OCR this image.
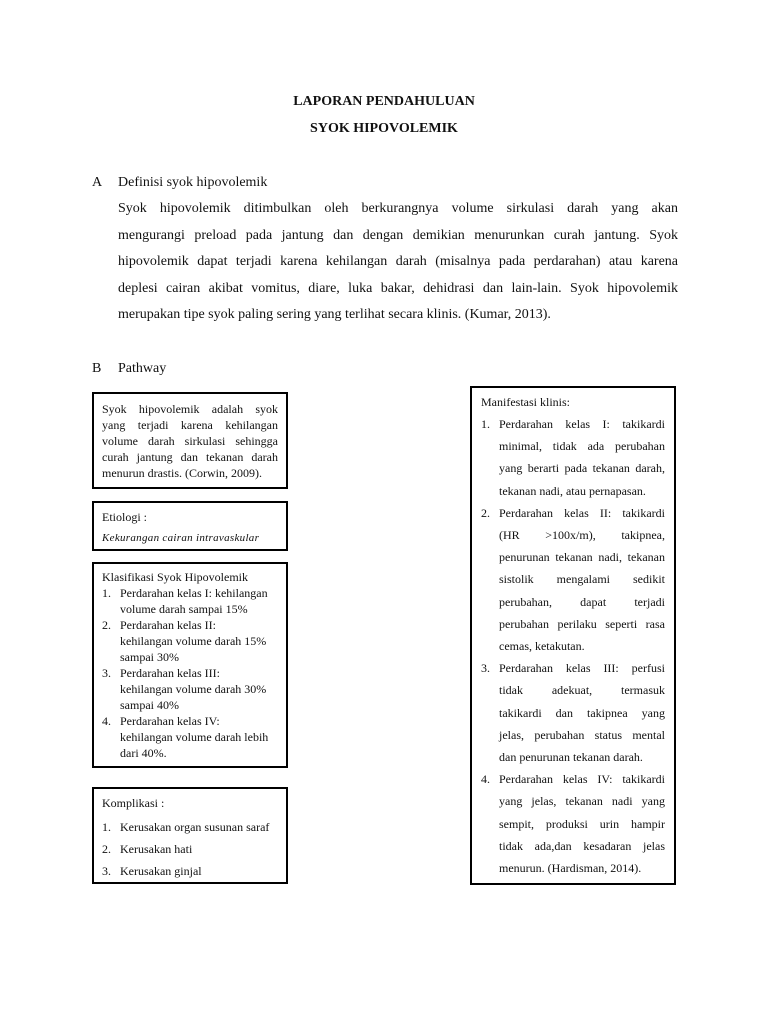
LAPORAN PENDAHULUAN
SYOK HIPOVOLEMIK
A Definisi syok hipovolemik
Syok hipovolemik ditimbulkan oleh berkurangnya volume sirkulasi darah yang akan
mengurangi preload pada jantung dan dengan demikian menurunkan curah jantung. Syok
hipovolemik dapat terjadi karena kehilangan darah (misalnya pada perdarahan) atau karena
deplesi cairan akibat vomitus, diare, luka bakar, dehidrasi dan lain-lain. Syok hipovolemik
merupakan tipe syok paling sering yang terlihat secara klinis. (Kumar, 2013).
B Pathway
Syok hipovolemik adalah syok
yang terjadi karena kehilangan
volume darah sirkulasi sehingga
curah jantung dan tekanan darah
menurun drastis. (Corwin, 2009).
Etiologi :
Kekurangan cairan intravaskular
Klasifikasi Syok Hipovolemik
1. Perdarahan kelas I: kehilangan
volume darah sampai 15%
2. Perdarahan kelas II:
kehilangan volume darah 15%
sampai 30%
3. Perdarahan kelas III:
kehilangan volume darah 30%
sampai 40%
4. Perdarahan kelas IV:
kehilangan volume darah lebih
dari 40%.
Komplikasi :
1. Kerusakan organ susunan saraf
2. Kerusakan hati
3. Kerusakan ginjal
Manifestasi klinis:
1. Perdarahan kelas I: takikardi
minimal, tidak ada perubahan
yang berarti pada tekanan darah,
tekanan nadi, atau pernapasan.
2. Perdarahan kelas II: takikardi
(HR >100x/m), takipnea,
penurunan tekanan nadi, tekanan
sistolik mengalami sedikit
perubahan, dapat terjadi
perubahan perilaku seperti rasa
cemas, ketakutan.
3. Perdarahan kelas III: perfusi
tidak adekuat, termasuk
takikardi dan takipnea yang
jelas, perubahan status mental
dan penurunan tekanan darah.
4. Perdarahan kelas IV: takikardi
yang jelas, tekanan nadi yang
sempit, produksi urin hampir
tidak ada,dan kesadaran jelas
menurun. (Hardisman, 2014).
